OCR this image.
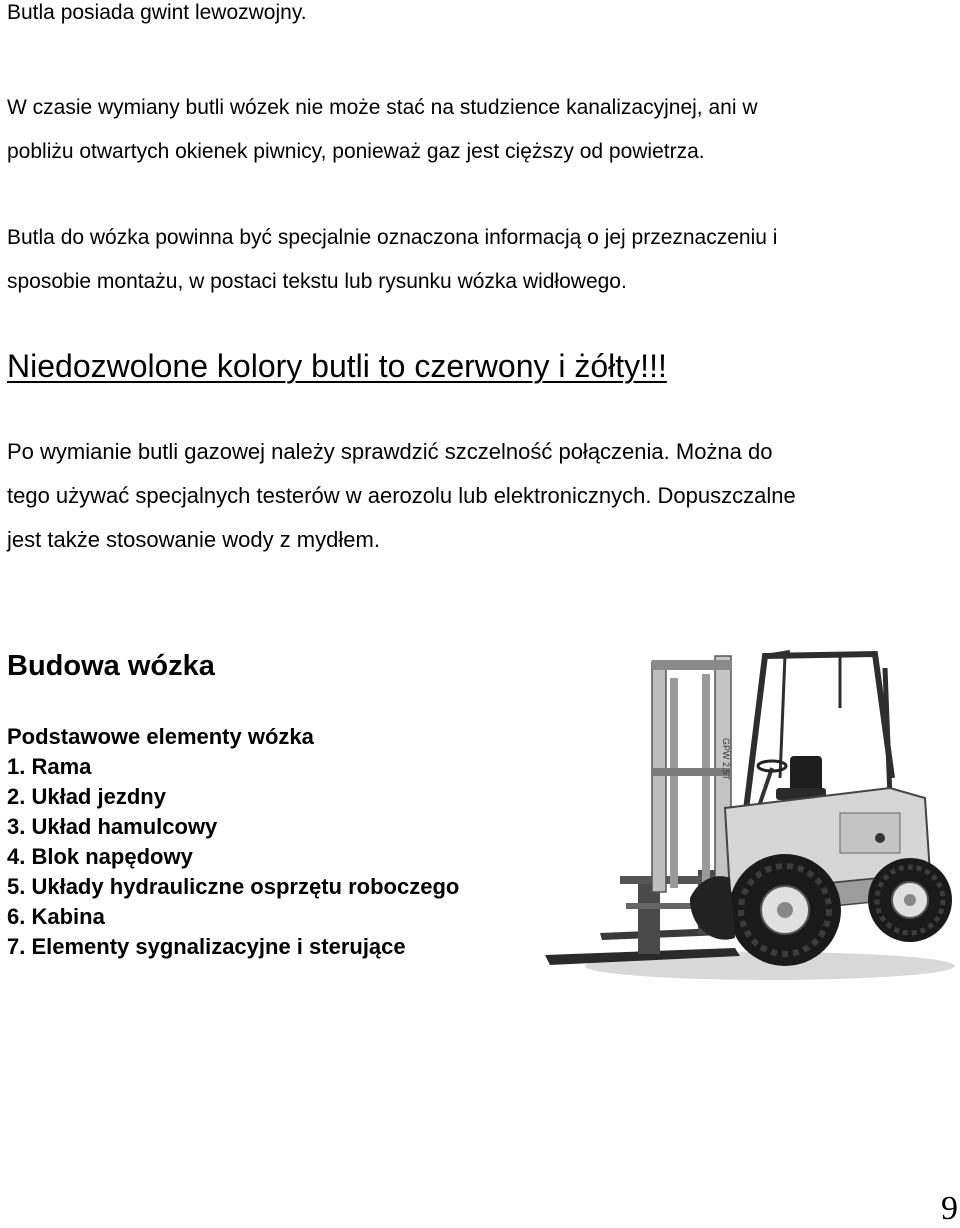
Butla posiada gwint lewozwojny.

W czasie wymiany butli wózek nie może stać na studzience kanalizacyjnej, ani w
pobliżu otwartych okienek piwnicy, ponieważ gaz jest cięższy od powietrza.
Butla do wózka powinna być specjalnie oznaczona informacją o jej przeznaczeniu i
sposobie montażu, w postaci tekstu lub rysunku wózka widłowego.

Niedozwolone kolory butli to czerwony i żółty!!!

Po wymianie butli gazowej należy sprawdzić szczelność połączenia. Można do
tego używać specjalnych testerów w aerozolu lub elektronicznych. Dopuszczalne
jest także stosowanie wody z mydłem.
Budowa wózka
Podstawowe elementy wózka
1. Rama
2. Układ jezdny
3. Układ hamulcowy
4. Blok napędowy
5. Układy hydrauliczne osprzętu roboczego
6. Kabina
7. Elementy sygnalizacyjne i sterujące
GPW 2.5T
9
